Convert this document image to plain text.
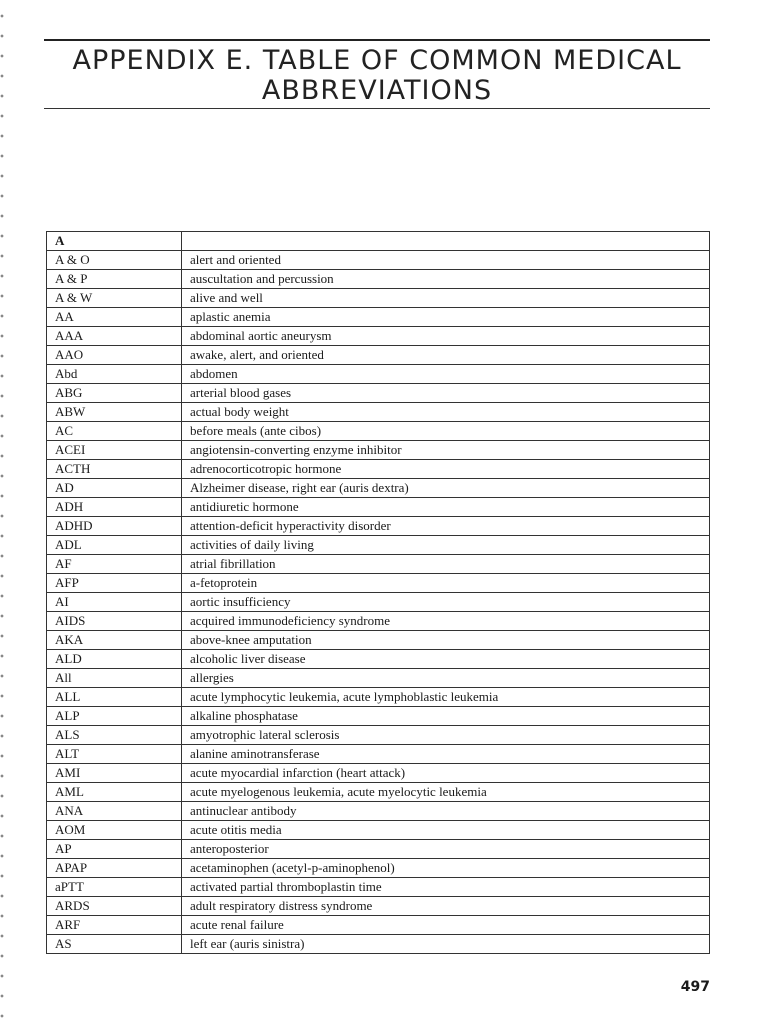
APPENDIX E. TABLE OF COMMON MEDICAL
ABBREVIATIONS
A	
A & O	alert and oriented
A & P	auscultation and percussion
A & W	alive and well
AA	aplastic anemia
AAA	abdominal aortic aneurysm
AAO	awake, alert, and oriented
Abd	abdomen
ABG	arterial blood gases
ABW	actual body weight
AC	before meals (ante cibos)
ACEI	angiotensin-converting enzyme inhibitor
ACTH	adrenocorticotropic hormone
AD	Alzheimer disease, right ear (auris dextra)
ADH	antidiuretic hormone
ADHD	attention-deficit hyperactivity disorder
ADL	activities of daily living
AF	atrial fibrillation
AFP	a-fetoprotein
AI	aortic insufficiency
AIDS	acquired immunodeficiency syndrome
AKA	above-knee amputation
ALD	alcoholic liver disease
All	allergies
ALL	acute lymphocytic leukemia, acute lymphoblastic leukemia
ALP	alkaline phosphatase
ALS	amyotrophic lateral sclerosis
ALT	alanine aminotransferase
AMI	acute myocardial infarction (heart attack)
AML	acute myelogenous leukemia, acute myelocytic leukemia
ANA	antinuclear antibody
AOM	acute otitis media
AP	anteroposterior
APAP	acetaminophen (acetyl-p-aminophenol)
aPTT	activated partial thromboplastin time
ARDS	adult respiratory distress syndrome
ARF	acute renal failure
AS	left ear (auris sinistra)
497
